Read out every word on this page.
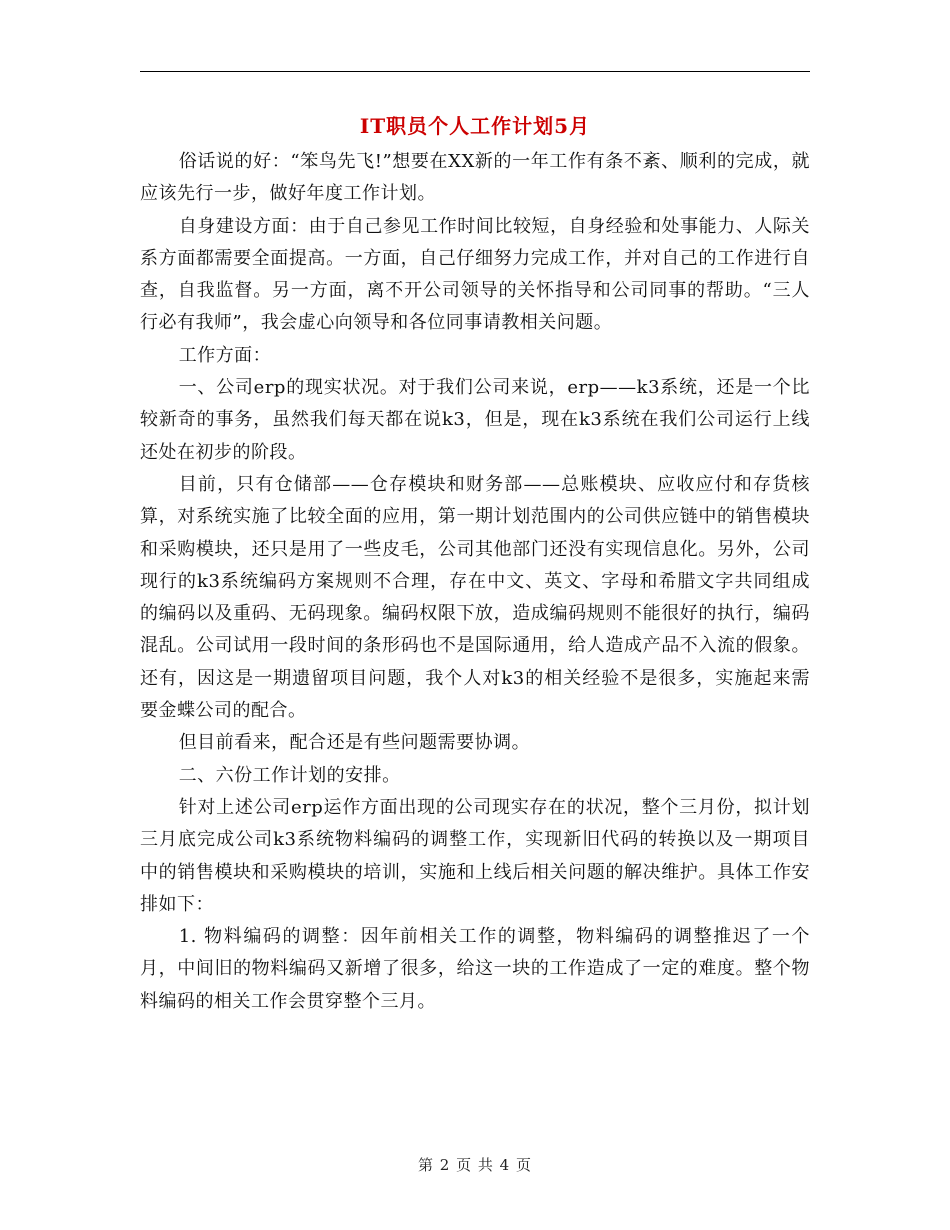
IT职员个人工作计划5月

俗话说的好：“笨鸟先飞!”想要在XX新的一年工作有条不紊、顺利的完成，就应该先行一步，做好年度工作计划。

自身建设方面：由于自己参见工作时间比较短，自身经验和处事能力、人际关系方面都需要全面提高。一方面，自己仔细努力完成工作，并对自己的工作进行自查，自我监督。另一方面，离不开公司领导的关怀指导和公司同事的帮助。“三人行必有我师”，我会虚心向领导和各位同事请教相关问题。

工作方面：

一、公司erp的现实状况。对于我们公司来说，erp——k3系统，还是一个比较新奇的事务，虽然我们每天都在说k3，但是，现在k3系统在我们公司运行上线还处在初步的阶段。

目前，只有仓储部——仓存模块和财务部——总账模块、应收应付和存货核算，对系统实施了比较全面的应用，第一期计划范围内的公司供应链中的销售模块和采购模块，还只是用了一些皮毛，公司其他部门还没有实现信息化。另外，公司现行的k3系统编码方案规则不合理，存在中文、英文、字母和希腊文字共同组成的编码以及重码、无码现象。编码权限下放，造成编码规则不能很好的执行，编码混乱。公司试用一段时间的条形码也不是国际通用，给人造成产品不入流的假象。还有，因这是一期遗留项目问题，我个人对k3的相关经验不是很多，实施起来需要金蝶公司的配合。

但目前看来，配合还是有些问题需要协调。

二、六份工作计划的安排。

针对上述公司erp运作方面出现的公司现实存在的状况，整个三月份，拟计划三月底完成公司k3系统物料编码的调整工作，实现新旧代码的转换以及一期项目中的销售模块和采购模块的培训，实施和上线后相关问题的解决维护。具体工作安排如下：

1. 物料编码的调整：因年前相关工作的调整，物料编码的调整推迟了一个月，中间旧的物料编码又新增了很多，给这一块的工作造成了一定的难度。整个物料编码的相关工作会贯穿整个三月。

第 2 页 共 4 页
